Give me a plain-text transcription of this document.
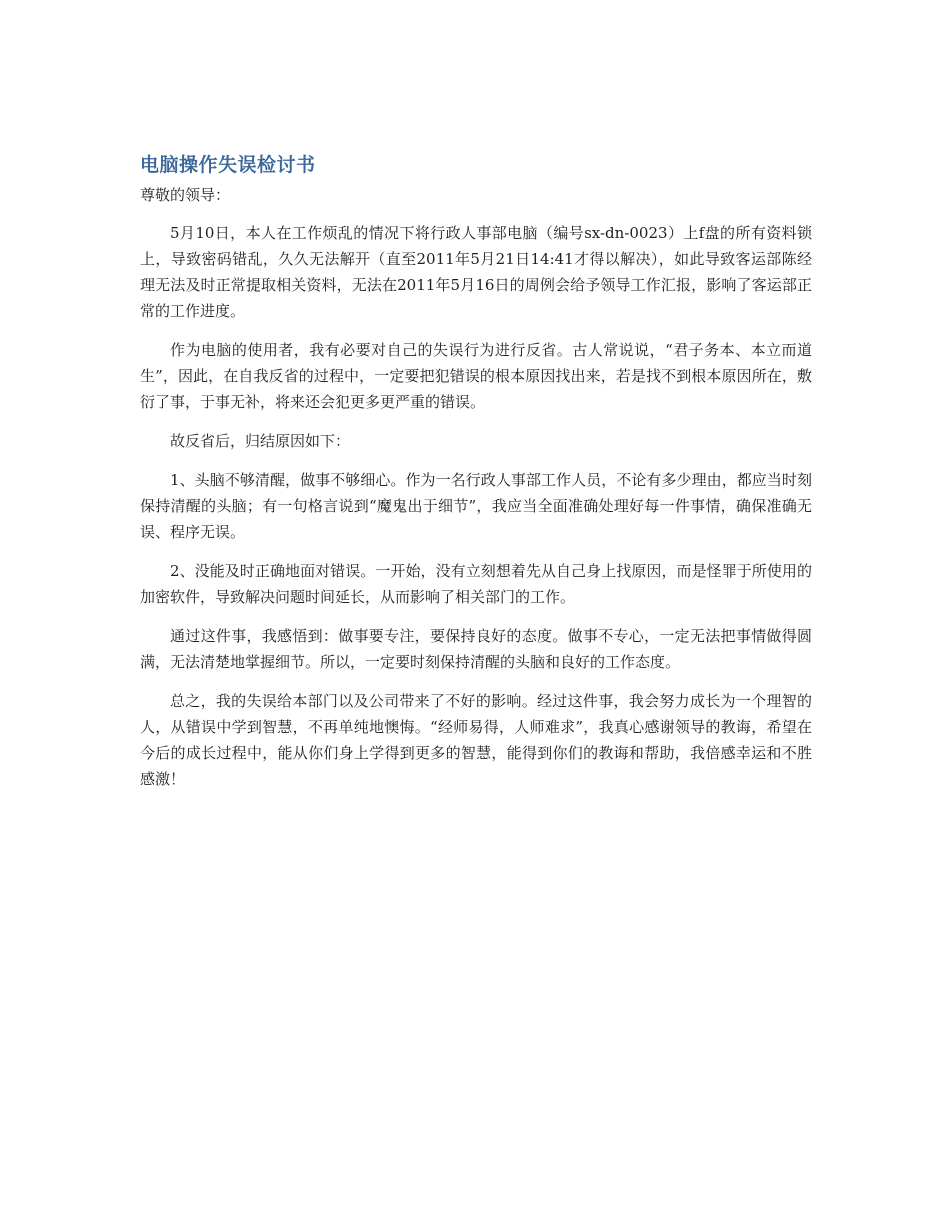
电脑操作失误检讨书

尊敬的领导：

5月10日，本人在工作烦乱的情况下将行政人事部电脑（编号sx-dn-0023）上f盘的所有资料锁上，导致密码错乱，久久无法解开（直至2011年5月21日14:41才得以解决），如此导致客运部陈经理无法及时正常提取相关资料，无法在2011年5月16日的周例会给予领导工作汇报，影响了客运部正常的工作进度。

作为电脑的使用者，我有必要对自己的失误行为进行反省。古人常说说，“君子务本、本立而道生”，因此，在自我反省的过程中，一定要把犯错误的根本原因找出来，若是找不到根本原因所在，敷衍了事，于事无补，将来还会犯更多更严重的错误。

故反省后，归结原因如下：

1、头脑不够清醒，做事不够细心。作为一名行政人事部工作人员，不论有多少理由，都应当时刻保持清醒的头脑；有一句格言说到“魔鬼出于细节”，我应当全面准确处理好每一件事情，确保准确无误、程序无误。

2、没能及时正确地面对错误。一开始，没有立刻想着先从自己身上找原因，而是怪罪于所使用的加密软件，导致解决问题时间延长，从而影响了相关部门的工作。

通过这件事，我感悟到：做事要专注，要保持良好的态度。做事不专心，一定无法把事情做得圆满，无法清楚地掌握细节。所以，一定要时刻保持清醒的头脑和良好的工作态度。

总之，我的失误给本部门以及公司带来了不好的影响。经过这件事，我会努力成长为一个理智的人，从错误中学到智慧，不再单纯地懊悔。“经师易得，人师难求”，我真心感谢领导的教诲，希望在今后的成长过程中，能从你们身上学得到更多的智慧，能得到你们的教诲和帮助，我倍感幸运和不胜感激！
